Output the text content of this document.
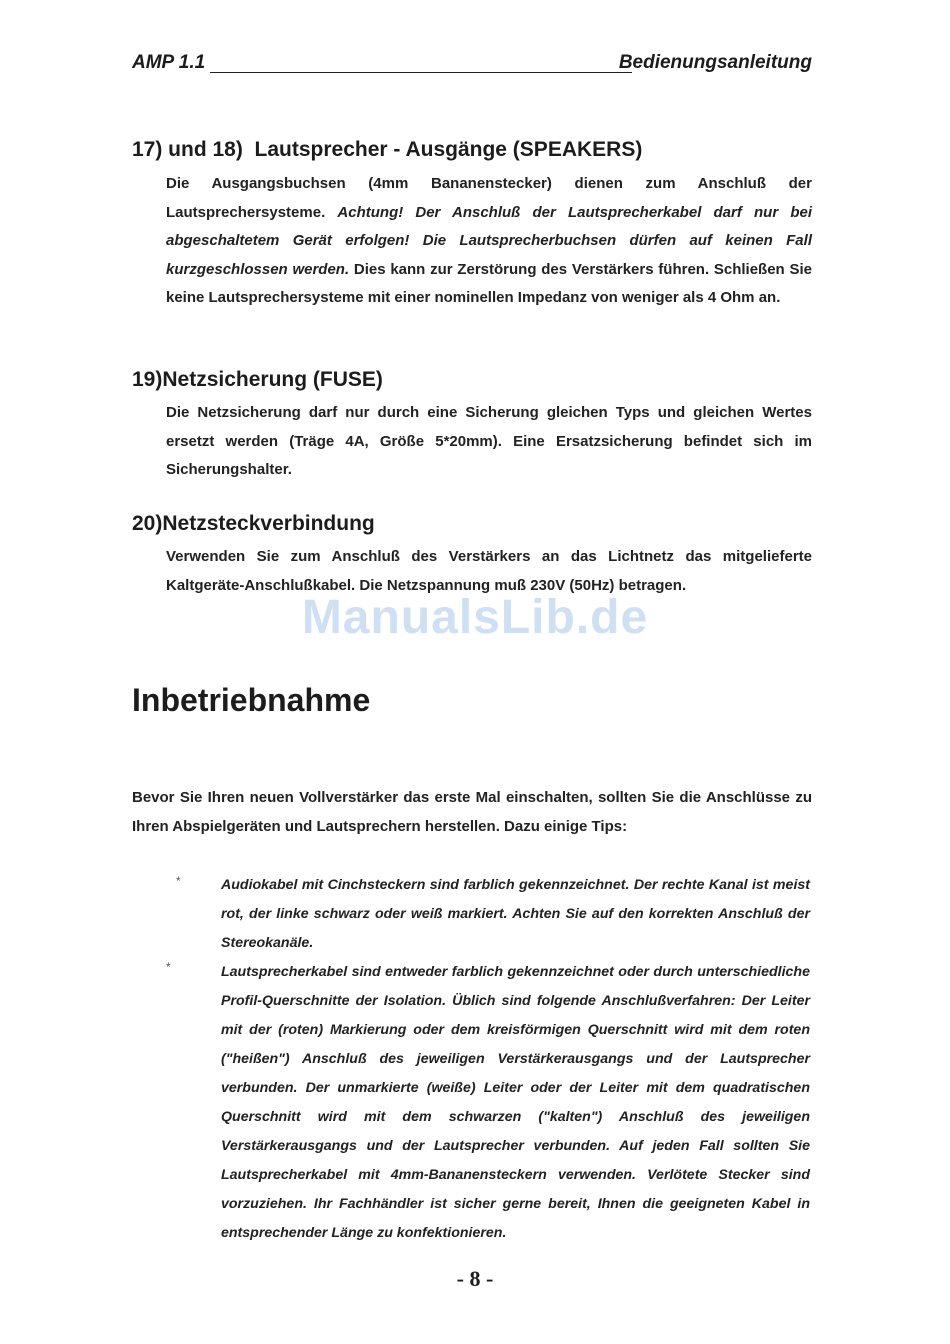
AMP 1.1	Bedienungsanleitung
17) und 18) Lautsprecher - Ausgänge (SPEAKERS)
Die Ausgangsbuchsen (4mm Bananenstecker) dienen zum Anschluß der Lautsprechersysteme. Achtung! Der Anschluß der Lautsprecherkabel darf nur bei abgeschaltetem Gerät erfolgen! Die Lautsprecherbuchsen dürfen auf keinen Fall kurzgeschlossen werden. Dies kann zur Zerstörung des Verstärkers führen. Schließen Sie keine Lautsprechersysteme mit einer nominellen Impedanz von weniger als 4 Ohm an.
19)Netzsicherung (FUSE)
Die Netzsicherung darf nur durch eine Sicherung gleichen Typs und gleichen Wertes ersetzt werden (Träge 4A, Größe 5*20mm). Eine Ersatzsicherung befindet sich im Sicherungshalter.
20)Netzsteckverbindung
Verwenden Sie zum Anschluß des Verstärkers an das Lichtnetz das mitgelieferte Kaltgeräte-Anschlußkabel. Die Netzspannung muß 230V (50Hz) betragen.
ManualsLib.de
Inbetriebnahme
Bevor Sie Ihren neuen Vollverstärker das erste Mal einschalten, sollten Sie die Anschlüsse zu Ihren Abspielgeräten und Lautsprechern herstellen. Dazu einige Tips:
*	Audiokabel mit Cinchsteckern sind farblich gekennzeichnet. Der rechte Kanal ist meist rot, der linke schwarz oder weiß markiert. Achten Sie auf den korrekten Anschluß der Stereokanäle.
*	Lautsprecherkabel sind entweder farblich gekennzeichnet oder durch unterschiedliche Profil-Querschnitte der Isolation. Üblich sind folgende Anschlußverfahren: Der Leiter mit der (roten) Markierung oder dem kreisförmigen Querschnitt wird mit dem roten ("heißen") Anschluß des jeweiligen Verstärkerausgangs und der Lautsprecher verbunden. Der unmarkierte (weiße) Leiter oder der Leiter mit dem quadratischen Querschnitt wird mit dem schwarzen ("kalten") Anschluß des jeweiligen Verstärkerausgangs und der Lautsprecher verbunden. Auf jeden Fall sollten Sie Lautsprecherkabel mit 4mm-Bananensteckern verwenden. Verlötete Stecker sind vorzuziehen. Ihr Fachhändler ist sicher gerne bereit, Ihnen die geeigneten Kabel in entsprechender Länge zu konfektionieren.
- 8 -
